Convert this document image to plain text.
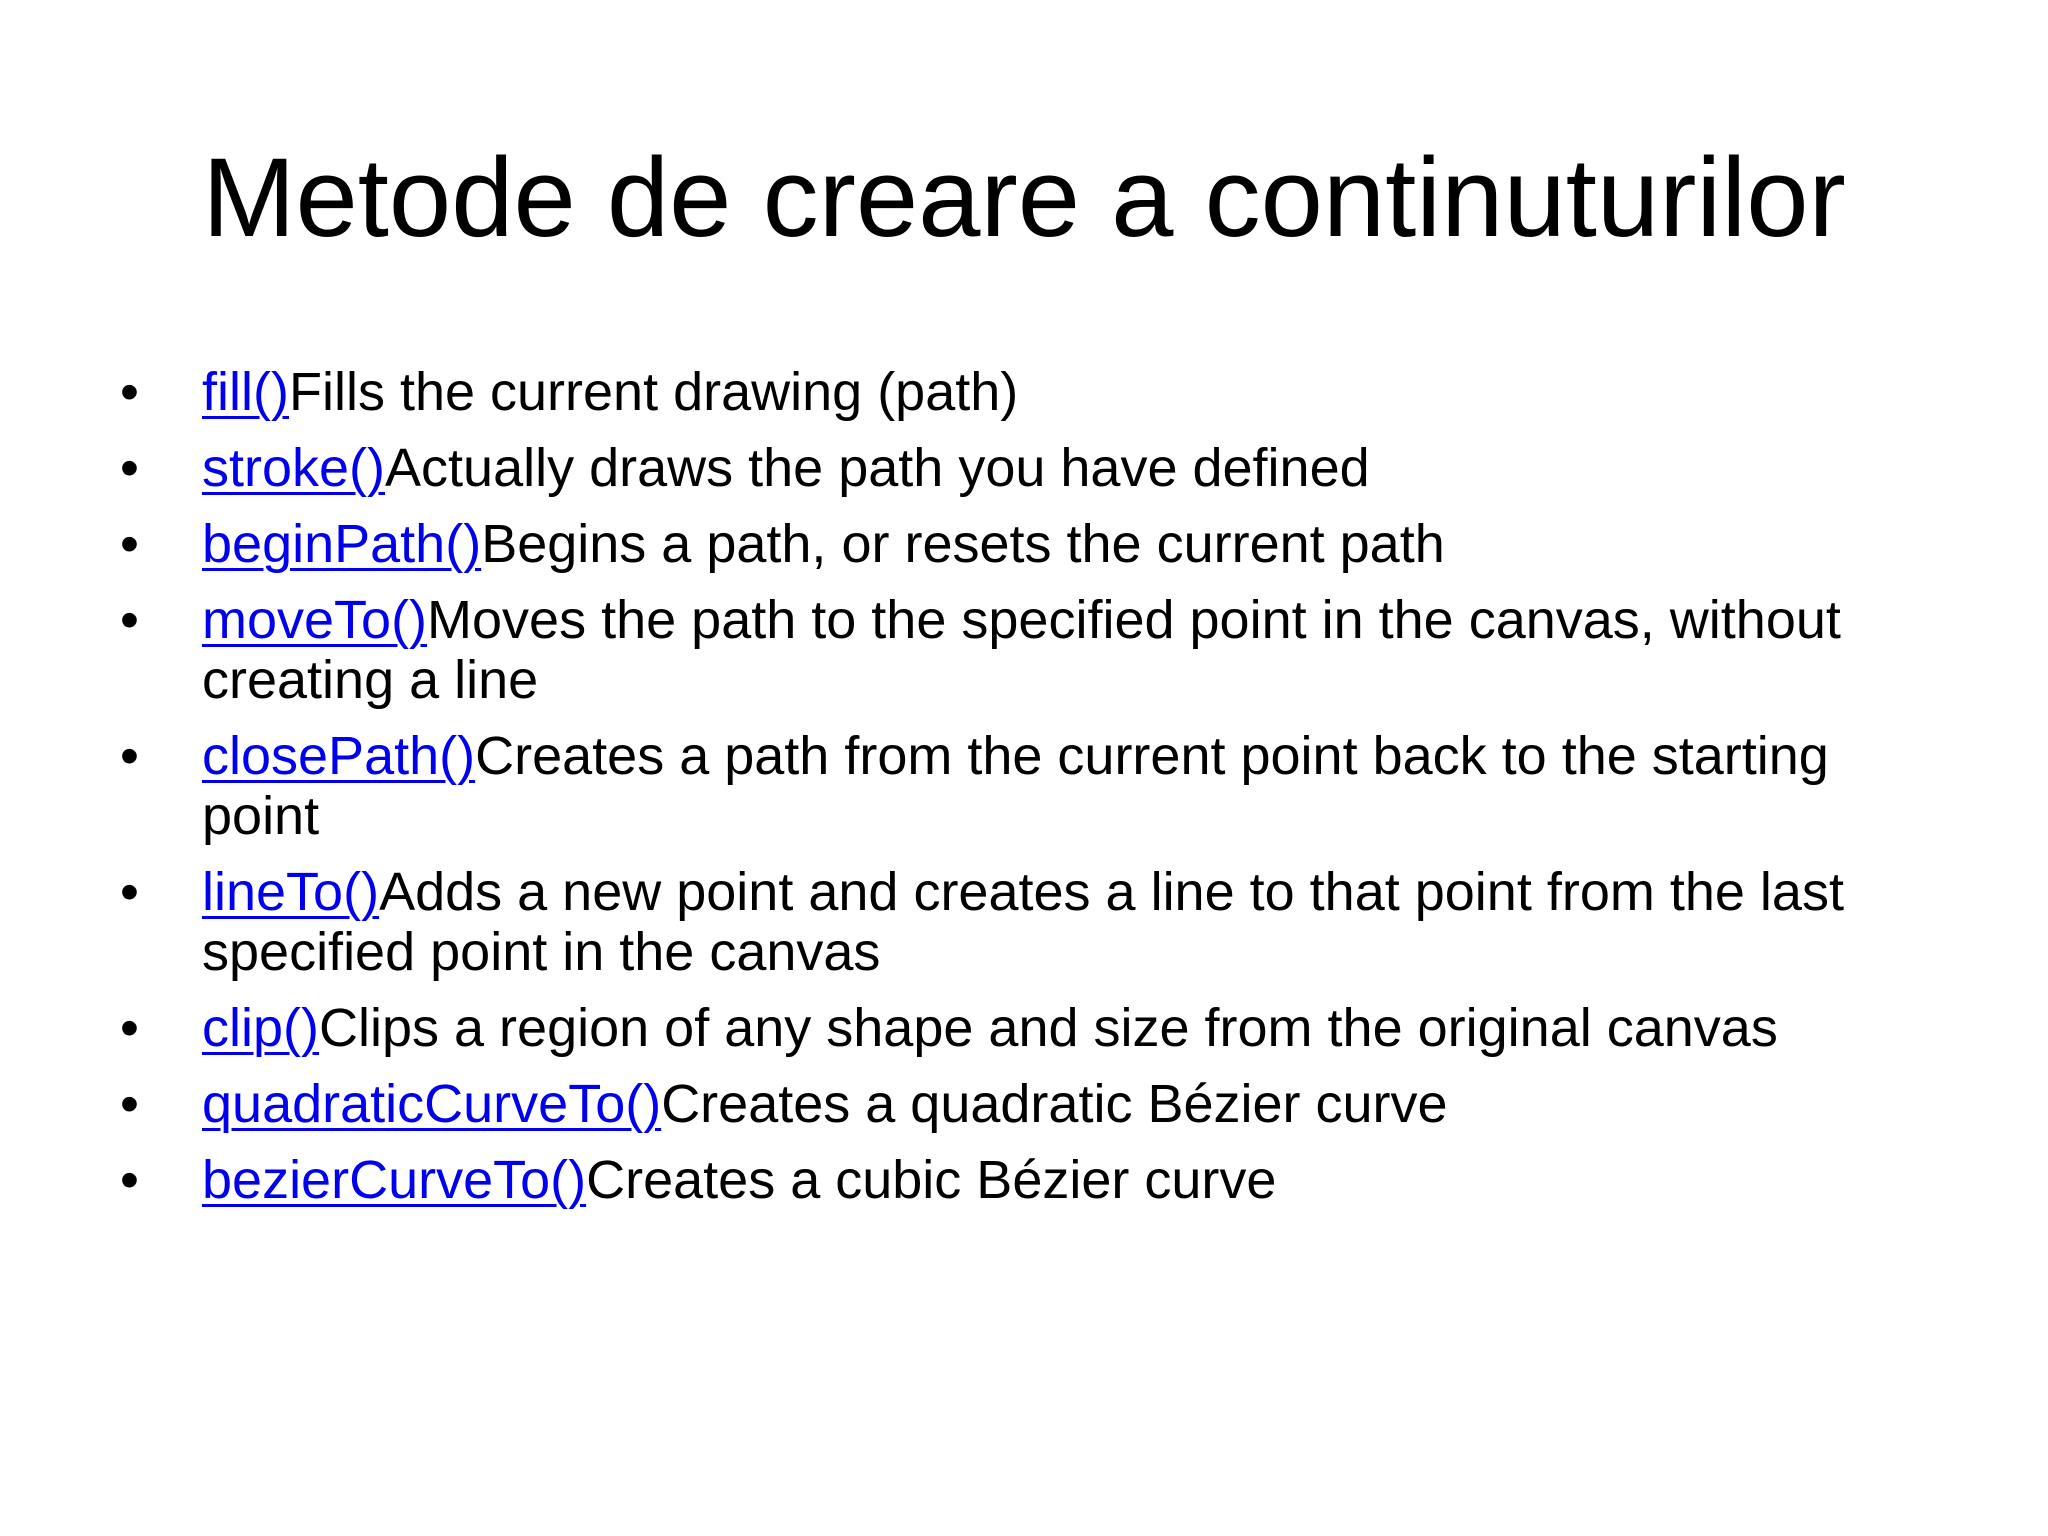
Metode de creare a continuturilor
•	fill()Fills the current drawing (path)
•	stroke()Actually draws the path you have defined
•	beginPath()Begins a path, or resets the current path
•	moveTo()Moves the path to the specified point in the canvas, without creating a line
•	closePath()Creates a path from the current point back to the starting point
•	lineTo()Adds a new point and creates a line to that point from the last specified point in the canvas
•	clip()Clips a region of any shape and size from the original canvas
•	quadraticCurveTo()Creates a quadratic Bézier curve
•	bezierCurveTo()Creates a cubic Bézier curve
